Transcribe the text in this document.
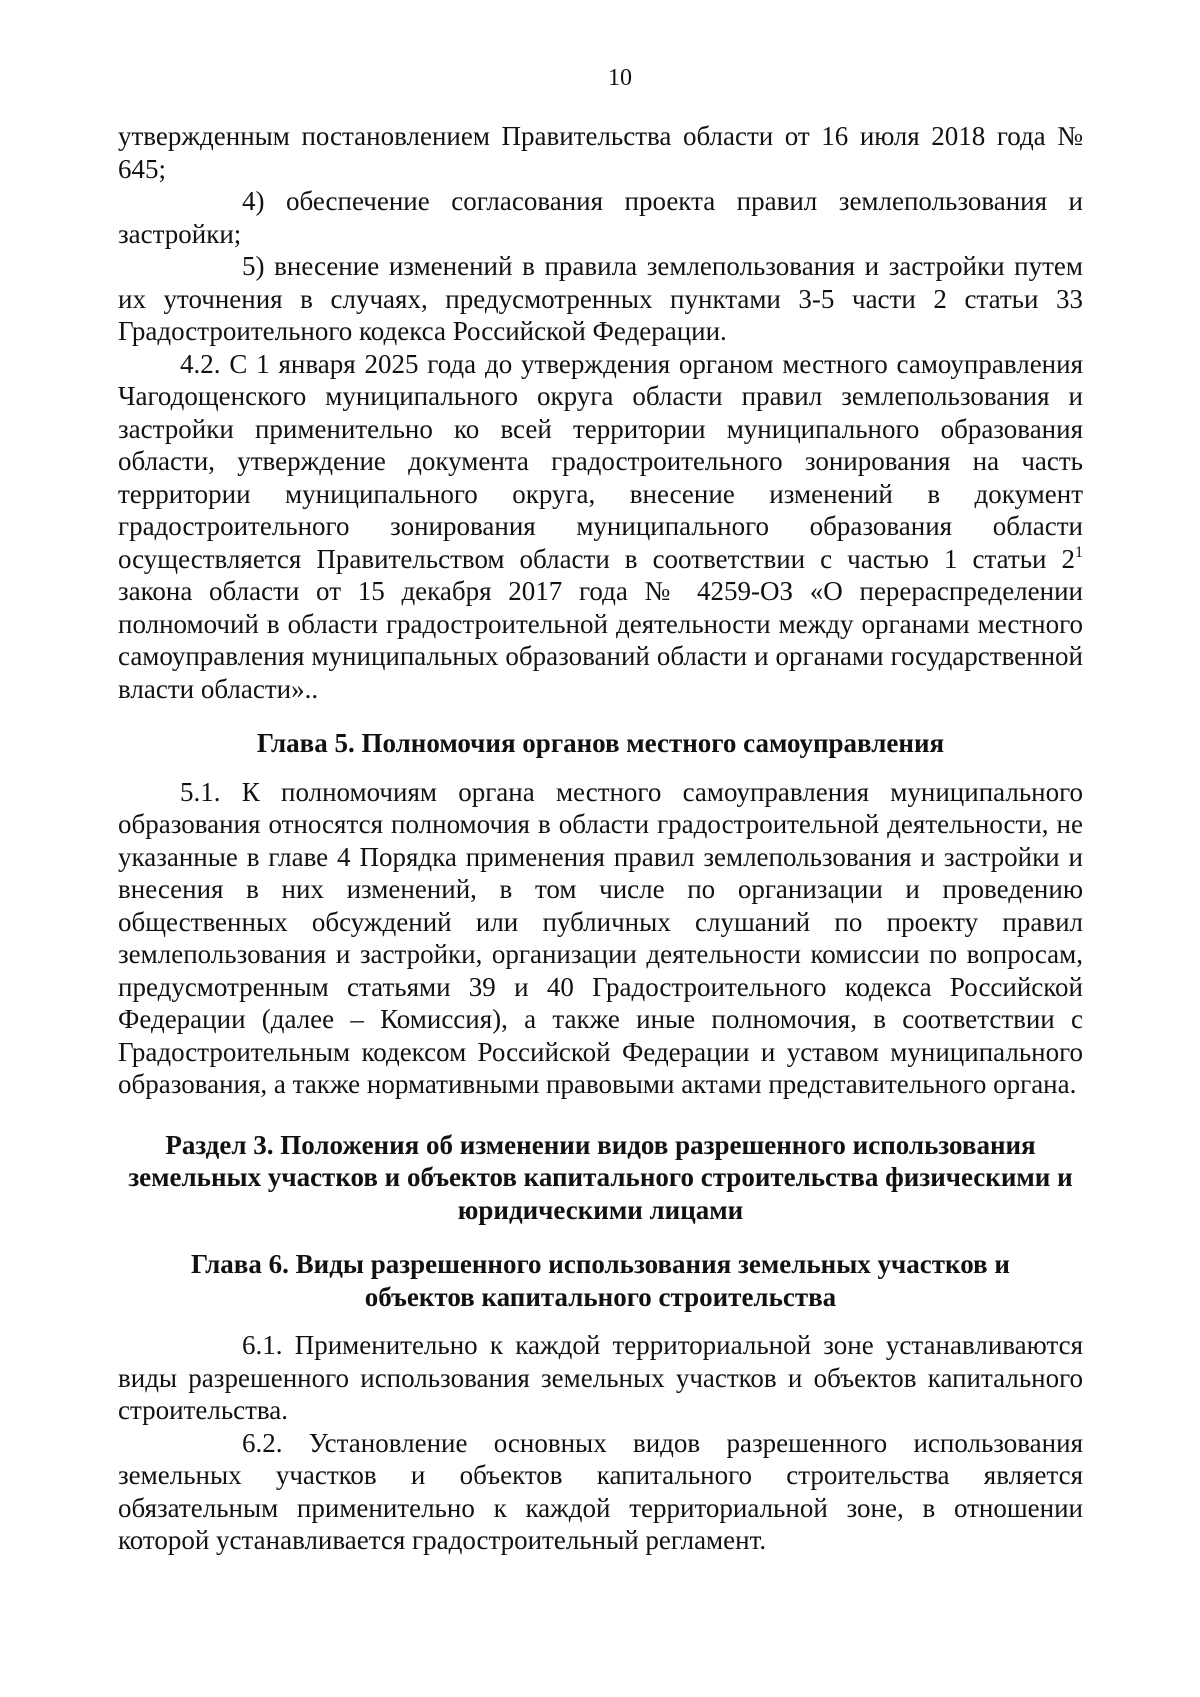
10

утвержденным постановлением Правительства области от 16 июля 2018 года № 645;

4) обеспечение согласования проекта правил землепользования и застройки;

5) внесение изменений в правила землепользования и застройки путем их уточнения в случаях, предусмотренных пунктами 3-5 части 2 статьи 33 Градостроительного кодекса Российской Федерации.

4.2. С 1 января 2025 года до утверждения органом местного самоуправления Чагодощенского муниципального округа области правил землепользования и застройки применительно ко всей территории муниципального образования области, утверждение документа градостроительного зонирования на часть территории муниципального округа, внесение изменений в документ градостроительного зонирования муниципального образования области осуществляется Правительством области в соответствии с частью 1 статьи $2^1$ закона области от 15 декабря 2017 года № 4259-ОЗ «О перераспределении полномочий в области градостроительной деятельности между органами местного самоуправления муниципальных образований области и органами государственной власти области»..

Глава 5. Полномочия органов местного самоуправления

5.1. К полномочиям органа местного самоуправления муниципального образования относятся полномочия в области градостроительной деятельности, не указанные в главе 4 Порядка применения правил землепользования и застройки и внесения в них изменений, в том числе по организации и проведению общественных обсуждений или публичных слушаний по проекту правил землепользования и застройки, организации деятельности комиссии по вопросам, предусмотренным статьями 39 и 40 Градостроительного кодекса Российской Федерации (далее – Комиссия), а также иные полномочия, в соответствии с Градостроительным кодексом Российской Федерации и уставом муниципального образования, а также нормативными правовыми актами представительного органа.

Раздел 3. Положения об изменении видов разрешенного использования
земельных участков и объектов капитального строительства физическими и
юридическими лицами
Глава 6. Виды разрешенного использования земельных участков и
объектов капитального строительства

6.1. Применительно к каждой территориальной зоне устанавливаются виды разрешенного использования земельных участков и объектов капитального строительства.

6.2. Установление основных видов разрешенного использования земельных участков и объектов капитального строительства является обязательным применительно к каждой территориальной зоне, в отношении которой устанавливается градостроительный регламент.
